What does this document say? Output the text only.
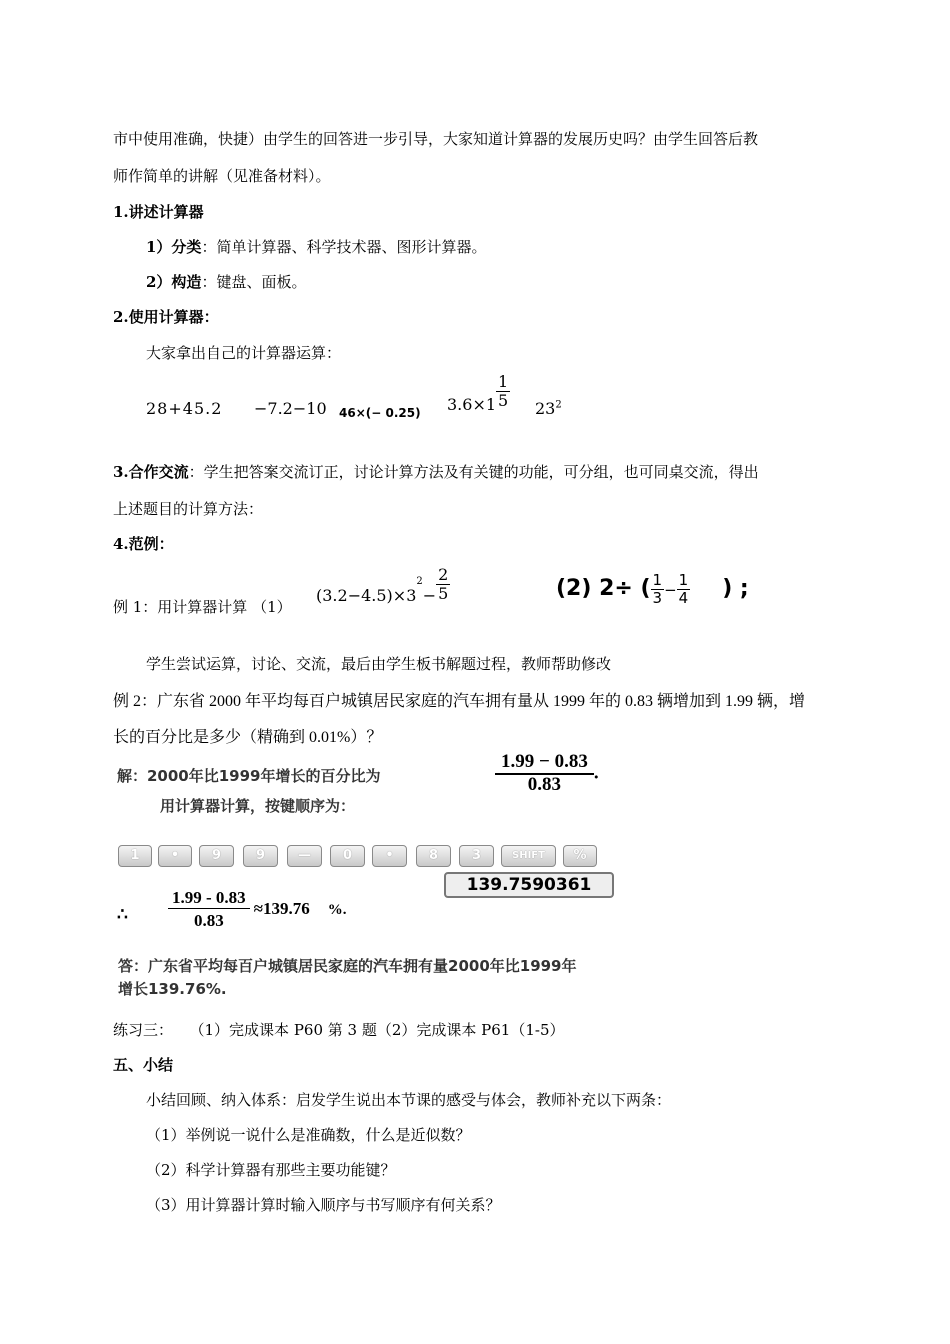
市中使用准确，快捷）由学生的回答进一步引导，大家知道计算器的发展历史吗？由学生回答后教
师作简单的讲解（见准备材料）。
1.讲述计算器
1）分类：简单计算器、科学技术器、图形计算器。
2）构造：键盘、面板。
2.使用计算器：
大家拿出自己的计算器运算：
28+45.2 −7.2−10 46×(− 0.25) $3.6\times 1 \frac{1}{5} 23^2$
3.合作交流：学生把答案交流订正，讨论计算方法及有关键的功能，可分组，也可同桌交流，得出
上述题目的计算方法：
4.范例：
例 1：用计算器计算 （1）
$(3.2-4.5)\times 3^2- \frac{2}{5}$	(2) 2÷ ( $\frac{1}{3} - \frac{1}{4}$ ) ;
学生尝试运算，讨论、交流，最后由学生板书解题过程，教师帮助修改
例 2：广东省 2000 年平均每百户城镇居民家庭的汽车拥有量从 1999 年的 0.83 辆增加到 1.99 辆，增
长的百分比是多少（精确到 0.01%）？
解：2000年比1999年增长的百分比为
用计算器计算，按键顺序为：
$\frac{1.99 - 0.83}{0.83}$ .
1	•	9	9	—	0	•	8	3	SHIFT	%
139.7590361
∴ $\frac{1.99 - 0.83}{0.83} \approx 139.76$ %.
答：广东省平均每百户城镇居民家庭的汽车拥有量2000年比1999年
增长139.76%.
练习三： （1）完成课本 P60 第 3 题（2）完成课本 P61（1-5）
五、小结
小结回顾、纳入体系：启发学生说出本节课的感受与体会，教师补充以下两条：
（1）举例说一说什么是准确数，什么是近似数？
（2）科学计算器有那些主要功能键？
（3）用计算器计算时输入顺序与书写顺序有何关系？
